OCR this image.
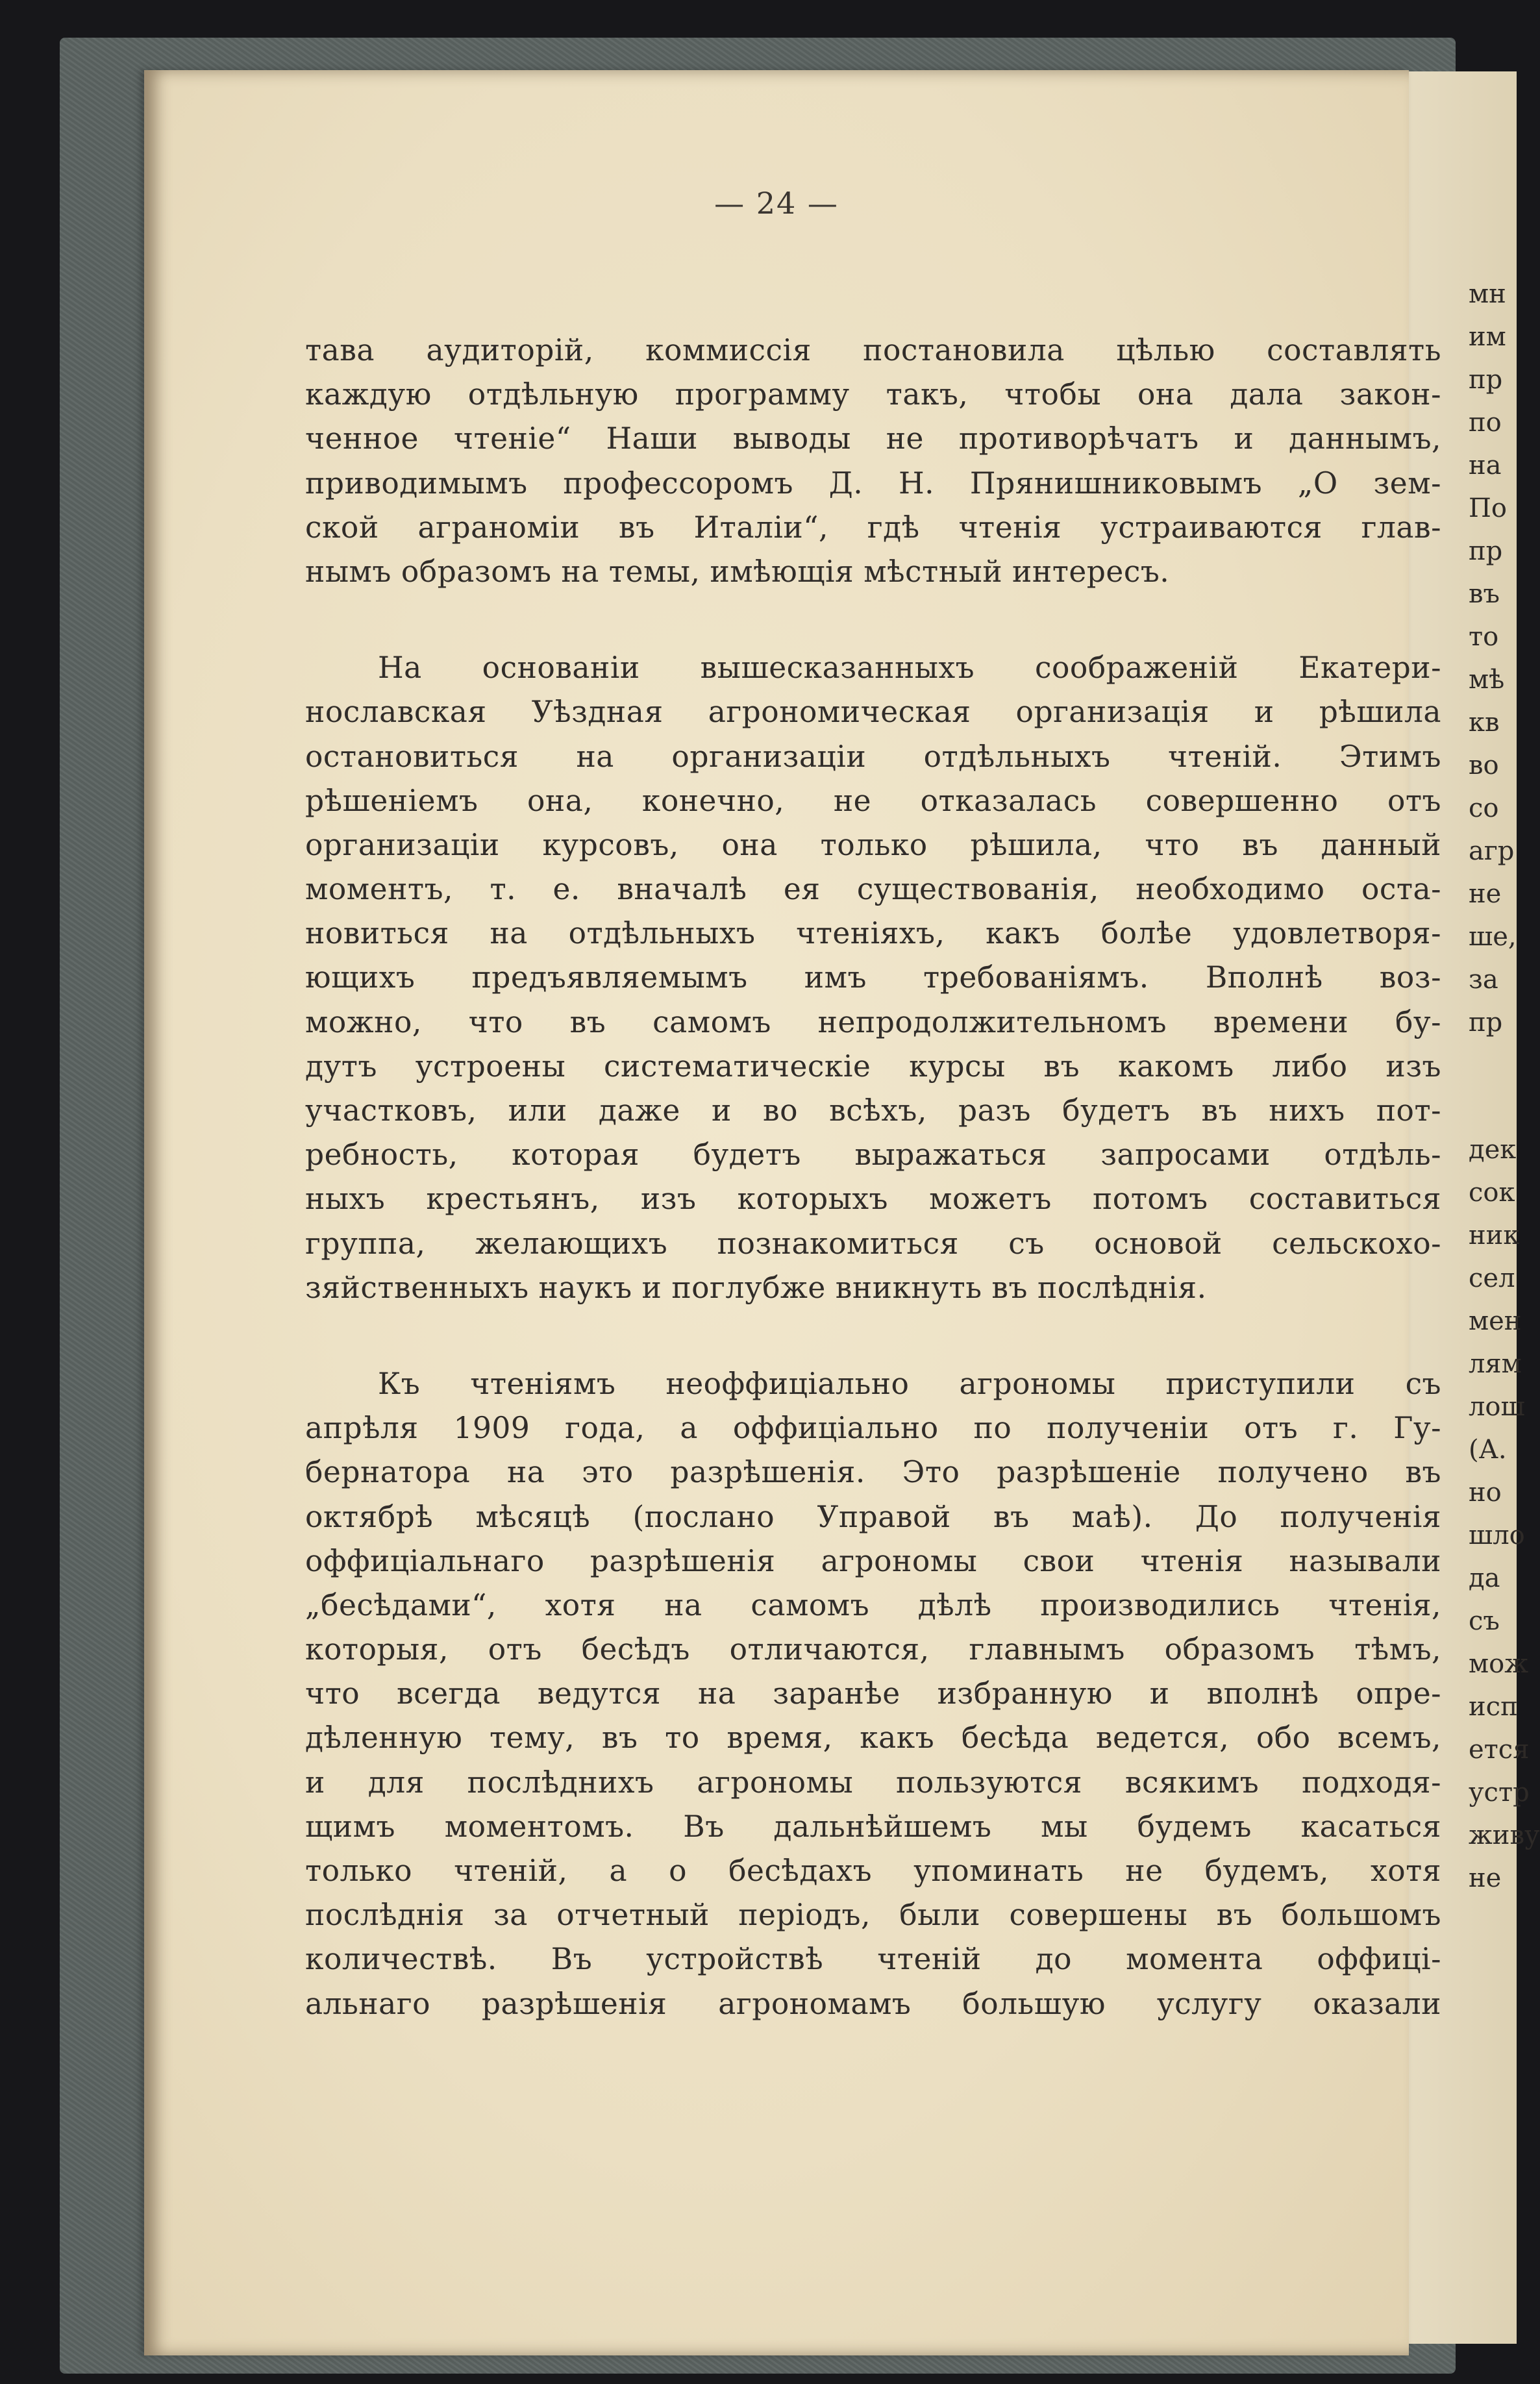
мн
им
пр
по
на
По
пр
въ
то
мѣ
кв
во
со
агр
не
ше,
за
пр
дек
сок
ник
сел
мен
лям
лош
(А.
но
шло
да
съ
мож
исп
ется
устр
живу
не
— 24 —
тава аудиторій, коммиссія постановила цѣлью составлять
каждую отдѣльную программу такъ, чтобы она дала закон-
ченное чтеніе“ Наши выводы не противорѣчатъ и даннымъ,
приводимымъ профессоромъ Д. Н. Прянишниковымъ „О зем-
ской аграноміи въ Италіи“, гдѣ чтенія устраиваются глав-
нымъ образомъ на темы, имѣющія мѣстный интересъ.
На основаніи вышесказанныхъ соображеній Екатери-
нославская Уѣздная агрономическая организація и рѣшила
остановиться на организаціи отдѣльныхъ чтеній. Этимъ
рѣшеніемъ она, конечно, не отказалась совершенно отъ
организаціи курсовъ, она только рѣшила, что въ данный
моментъ, т. е. вначалѣ ея существованія, необходимо оста-
новиться на отдѣльныхъ чтеніяхъ, какъ болѣе удовлетворя-
ющихъ предъявляемымъ имъ требованіямъ. Вполнѣ воз-
можно, что въ самомъ непродолжительномъ времени бу-
дутъ устроены систематическіе курсы въ какомъ либо изъ
участковъ, или даже и во всѣхъ, разъ будетъ въ нихъ пот-
ребность, которая будетъ выражаться запросами отдѣль-
ныхъ крестьянъ, изъ которыхъ можетъ потомъ составиться
группа, желающихъ познакомиться съ основой сельскохо-
зяйственныхъ наукъ и поглубже вникнуть въ послѣднія.
Къ чтеніямъ неоффиціально агрономы приступили съ
апрѣля 1909 года, а оффиціально по полученіи отъ г. Гу-
бернатора на это разрѣшенія. Это разрѣшеніе получено въ
октябрѣ мѣсяцѣ (послано Управой въ маѣ). До полученія
оффиціальнаго разрѣшенія агрономы свои чтенія называли
„бесѣдами“, хотя на самомъ дѣлѣ производились чтенія,
которыя, отъ бесѣдъ отличаются, главнымъ образомъ тѣмъ,
что всегда ведутся на заранѣе избранную и вполнѣ опре-
дѣленную тему, въ то время, какъ бесѣда ведется, обо всемъ,
и для послѣднихъ агрономы пользуются всякимъ подходя-
щимъ моментомъ. Въ дальнѣйшемъ мы будемъ касаться
только чтеній, а о бесѣдахъ упоминать не будемъ, хотя
послѣднія за отчетный періодъ, были совершены въ большомъ
количествѣ. Въ устройствѣ чтеній до момента оффиці-
альнаго разрѣшенія агрономамъ большую услугу оказали
